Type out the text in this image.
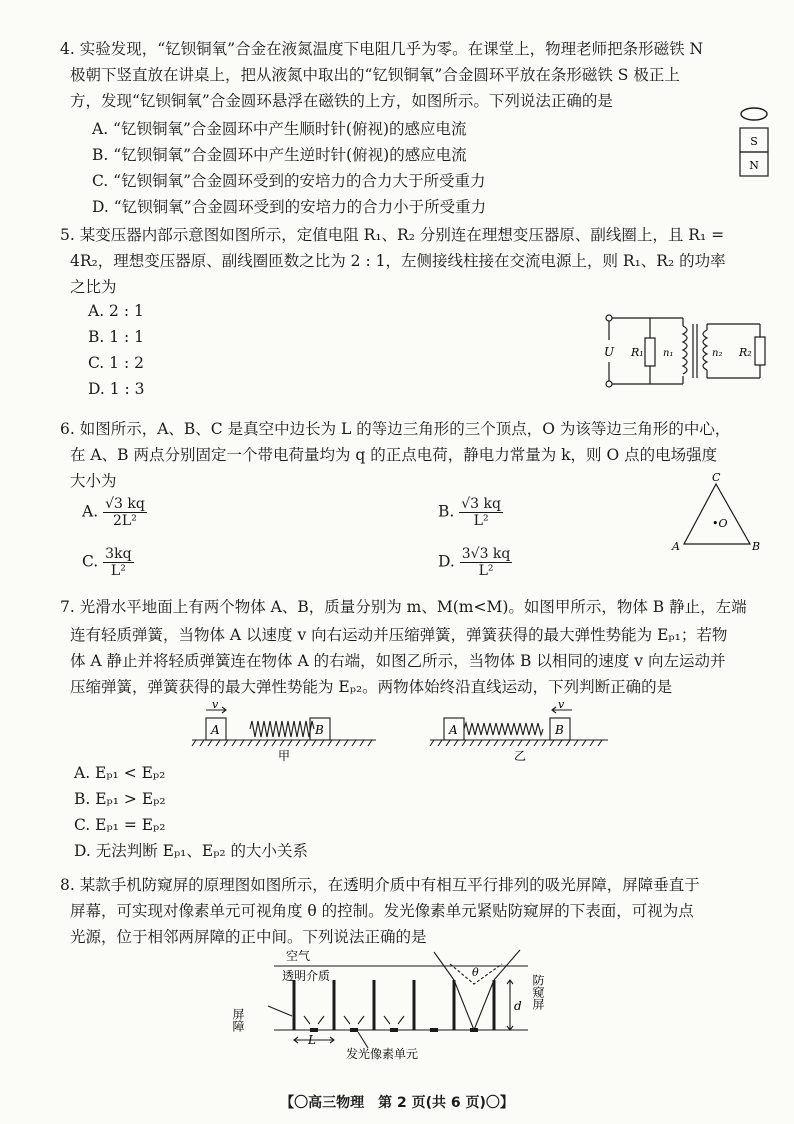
4. 实验发现，“钇钡铜氧”合金在液氮温度下电阻几乎为零。在课堂上，物理老师把条形磁铁 N
极朝下竖直放在讲桌上，把从液氮中取出的“钇钡铜氧”合金圆环平放在条形磁铁 S 极正上
方，发现“钇钡铜氧”合金圆环悬浮在磁铁的上方，如图所示。下列说法正确的是
A. “钇钡铜氧”合金圆环中产生顺时针(俯视)的感应电流
B. “钇钡铜氧”合金圆环中产生逆时针(俯视)的感应电流
C. “钇钡铜氧”合金圆环受到的安培力的合力大于所受重力
D. “钇钡铜氧”合金圆环受到的安培力的合力小于所受重力
S
N
5. 某变压器内部示意图如图所示，定值电阻 R₁、R₂ 分别连在理想变压器原、副线圈上，且 R₁ =
4R₂，理想变压器原、副线圈匝数之比为 2 : 1，左侧接线柱接在交流电源上，则 R₁、R₂ 的功率
之比为
A. 2 : 1
B. 1 : 1
C. 1 : 2
D. 1 : 3
U R₁ n₁	n₂ R₂
6. 如图所示，A、B、C 是真空中边长为 L 的等边三角形的三个顶点，O 为该等边三角形的中心，
在 A、B 两点分别固定一个带电荷量均为 q 的正点电荷，静电力常量为 k，则 O 点的电场强度
大小为
A. $\frac{√3 kq}{\text{2L²}}$	B. $\frac{√3 kq}{\text{L²}}$
C. $\frac{3kq}{\text{L²}}$	D. $\frac{3√3 kq}{\text{L²}}$
C
A	B
•O
7. 光滑水平地面上有两个物体 A、B，质量分别为 m、M(m<M)。如图甲所示，物体 B 静止，左端
连有轻质弹簧，当物体 A 以速度 v 向右运动并压缩弹簧，弹簧获得的最大弹性势能为 Eₚ₁；若物
体 A 静止并将轻质弹簧连在物体 A 的右端，如图乙所示，当物体 B 以相同的速度 v 向左运动并
压缩弹簧，弹簧获得的最大弹性势能为 Eₚ₂。两物体始终沿直线运动，下列判断正确的是
A. Eₚ₁ < Eₚ₂
B. Eₚ₁ > Eₚ₂
C. Eₚ₁ = Eₚ₂
D. 无法判断 Eₚ₁、Eₚ₂ 的大小关系
v
A	B
甲
v
A	B
乙
8. 某款手机防窥屏的原理图如图所示，在透明介质中有相互平行排列的吸光屏障，屏障垂直于
屏幕，可实现对像素单元可视角度 θ 的控制。发光像素单元紧贴防窥屏的下表面，可视为点
光源，位于相邻两屏障的正中间。下列说法正确的是
空气
透明介质
屏障
θ
d
L
发光像素单元
防窥屏
【〇高三物理　第 2 页(共 6 页)〇】
